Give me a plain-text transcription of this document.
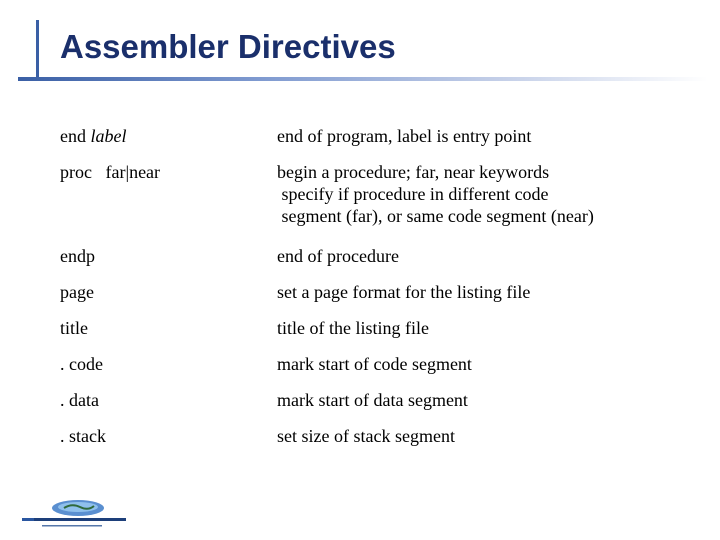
Assembler Directives
end label	end of program, label is entry point
proc   far|near	begin a procedure; far, near keywords
specify if procedure in different code
segment (far), or same code segment (near)
endp	end of procedure
page	set a page format for the listing file
title	title of the listing file
. code	mark start of code segment
. data	mark start of data segment
. stack	set size of stack segment
